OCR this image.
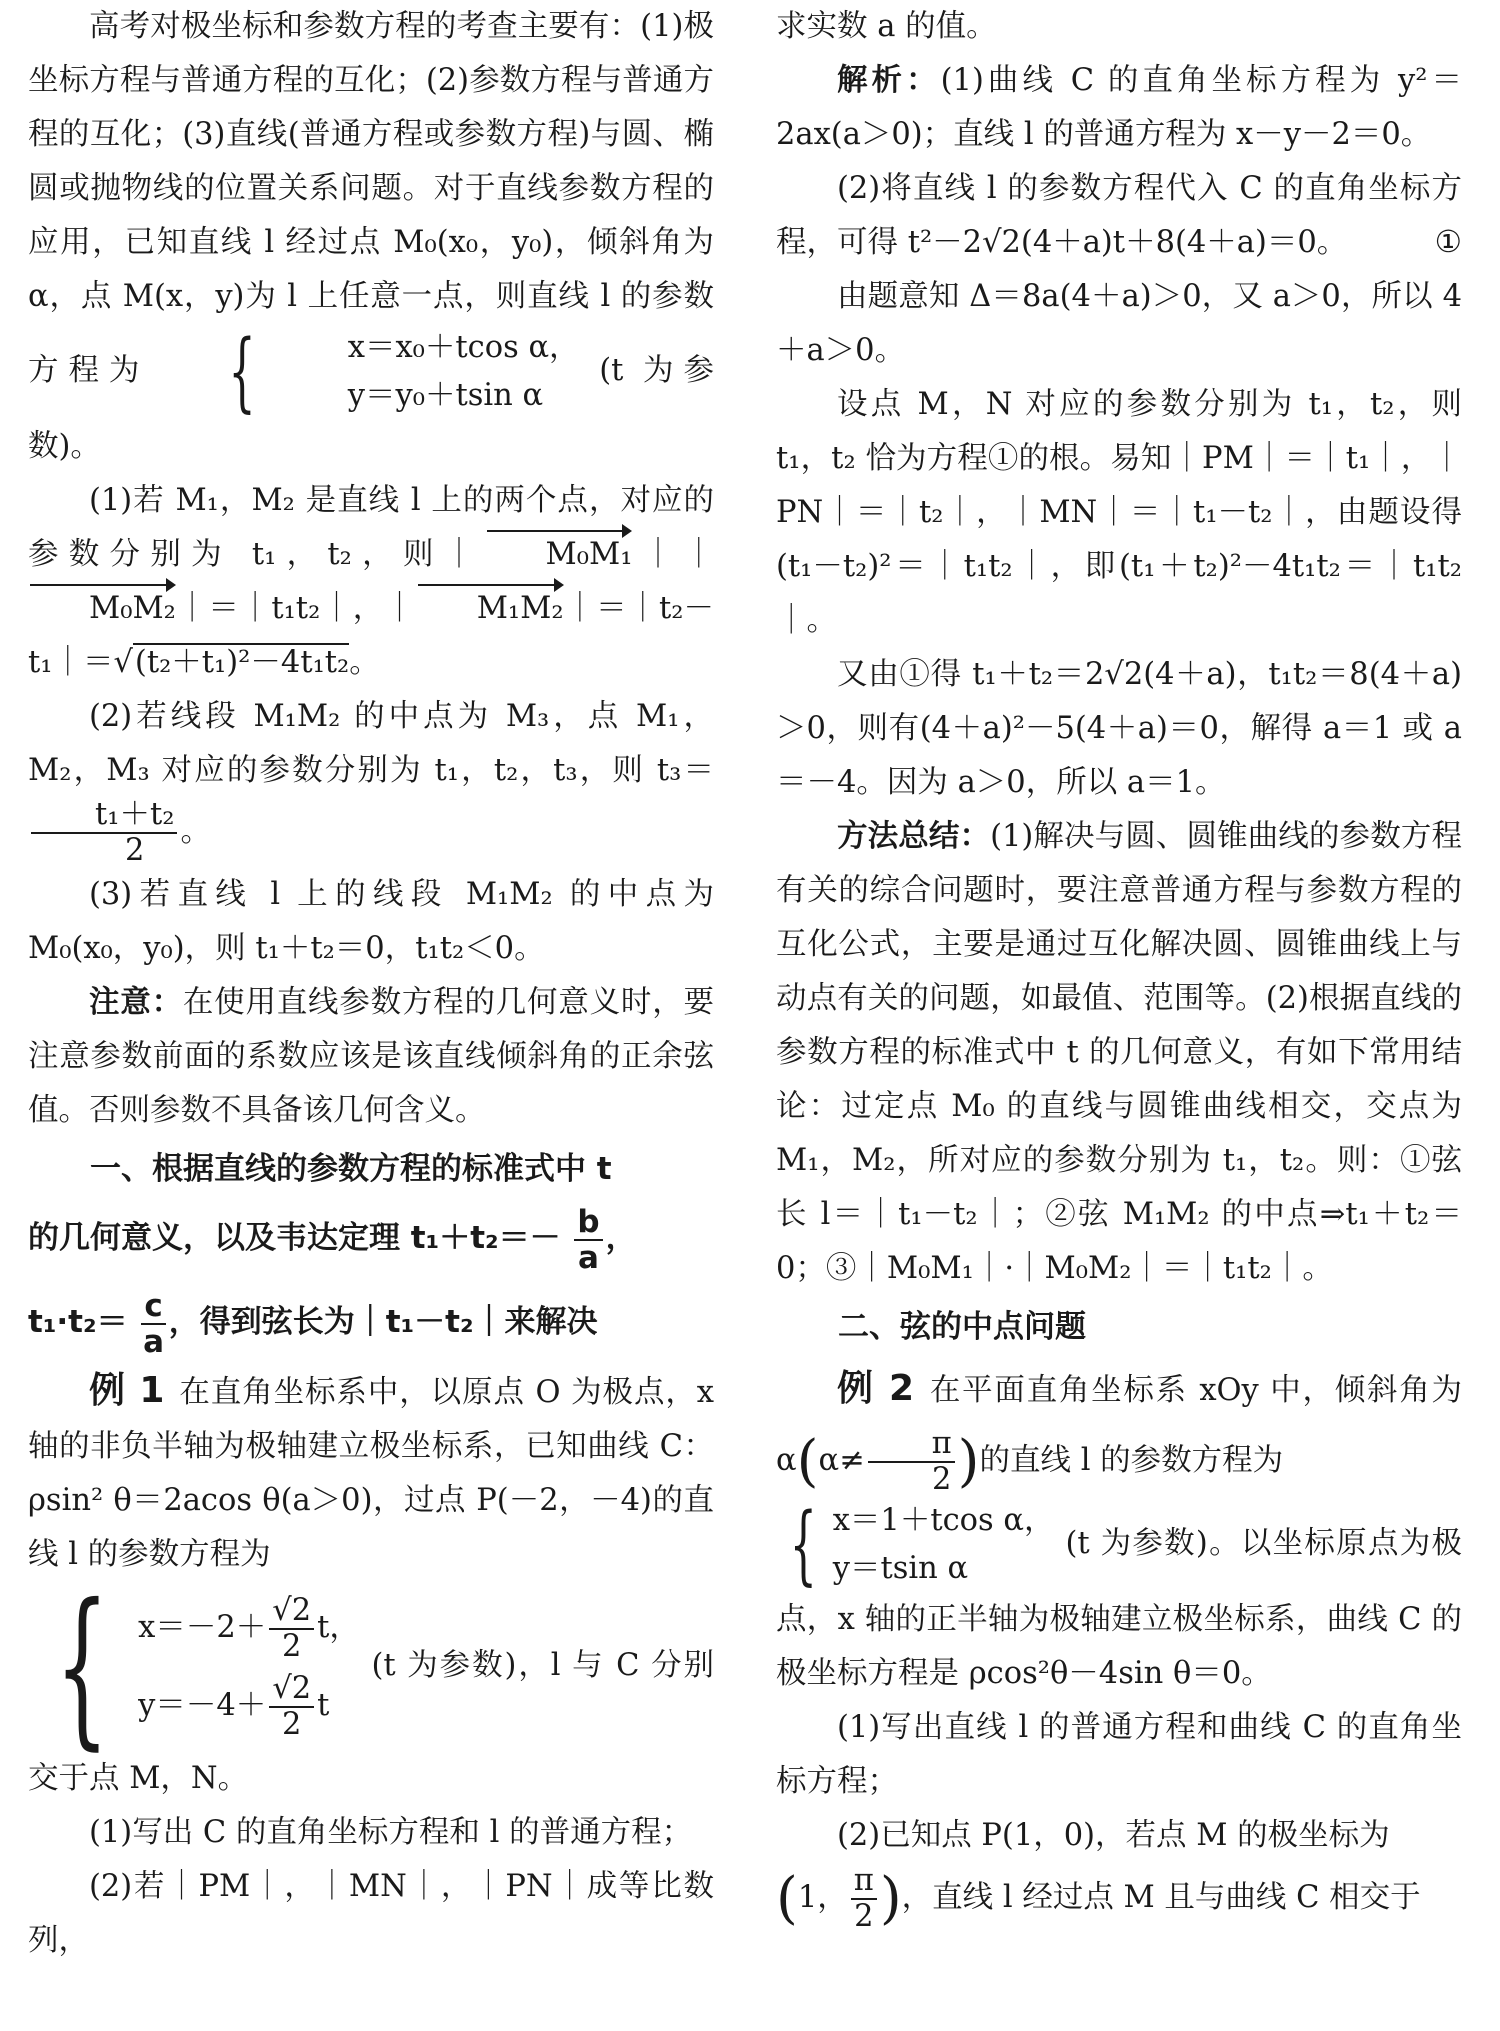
高考对极坐标和参数方程的考查主要有：(1)极坐标方程与普通方程的互化；(2)参数方程与普通方程的互化；(3)直线(普通方程或参数方程)与圆、椭圆或抛物线的位置关系问题。对于直线参数方程的应用，已知直线 l 经过点 M₀(x₀，y₀)，倾斜角为 α，点 M(x，y)为 l 上任意一点，则直线 l 的参数方程为 {	x＝x₀＋tcos α，
y＝y₀＋tsin α
(t 为参数)。

(1)若 M₁，M₂ 是直线 l 上的两个点，对应的参数分别为 t₁，t₂，则｜ M₀M₁｜｜M₀M₂｜＝｜t₁t₂｜，｜ M₁M₂｜＝｜t₂－t₁｜＝√(t₂＋t₁)²－4t₁t₂。

(2)若线段 M₁M₂ 的中点为 M₃，点 M₁，M₂，M₃ 对应的参数分别为 t₁，t₂，t₃，则 t₃＝
$\frac{\text{t₁＋t₂}}{2}$ 。

(3)若直线 l 上的线段 M₁M₂ 的中点为 M₀(x₀，y₀)，则 t₁＋t₂＝0，t₁t₂＜0。

注意：在使用直线参数方程的几何意义时，要注意参数前面的系数应该是该直线倾斜角的正余弦值。否则参数不具备该几何含义。

一、根据直线的参数方程的标准式中 t

的几何意义，以及韦达定理 $t_1+t_2=- \frac{b}{a}$ ，

$t_1\cdot t_2= \frac{c}{a}$ ，得到弦长为｜t₁－t₂｜来解决

例 1 在直角坐标系中，以原点 O 为极点，x 轴的非负半轴为极轴建立极坐标系，已知曲线 C：ρsin² θ＝2acos θ(a＞0)，过点 P(－2，－4)的直线 l 的参数方程为

{ $x=-2+ \frac{√2}{2}$ t，
$y=-4+ \frac{√2}{2}$ t
(t 为参数)，l 与 C 分别交于点 M，N。

(1)写出 C 的直角坐标方程和 l 的普通方程；

(2)若｜PM｜，｜MN｜，｜PN｜成等比数列，

求实数 a 的值。

解析：(1)曲线 C 的直角坐标方程为 y²＝2ax(a＞0)；直线 l 的普通方程为 x－y－2＝0。

(2)将直线 l 的参数方程代入 C 的直角坐标方程，可得 t²－2√2(4＋a)t＋8(4＋a)＝0。	①

由题意知 Δ＝8a(4＋a)＞0，又 a＞0，所以 4＋a＞0。

设点 M，N 对应的参数分别为 t₁，t₂，则 t₁，t₂ 恰为方程①的根。易知｜PM｜＝｜t₁｜，｜PN｜＝｜t₂｜，｜MN｜＝｜t₁－t₂｜，由题设得(t₁－t₂)²＝｜t₁t₂｜，即(t₁＋t₂)²－4t₁t₂＝｜t₁t₂｜。

又由①得 t₁＋t₂＝2√2(4＋a)，t₁t₂＝8(4＋a)＞0，则有(4＋a)²－5(4＋a)＝0，解得 a＝1 或 a＝－4。因为 a＞0，所以 a＝1。

方法总结：(1)解决与圆、圆锥曲线的参数方程有关的综合问题时，要注意普通方程与参数方程的互化公式，主要是通过互化解决圆、圆锥曲线上与动点有关的问题，如最值、范围等。(2)根据直线的参数方程的标准式中 t 的几何意义，有如下常用结论：过定点 M₀ 的直线与圆锥曲线相交，交点为 M₁，M₂，所对应的参数分别为 t₁，t₂。则：①弦长 l＝｜t₁－t₂｜；②弦 M₁M₂ 的中点⇒t₁＋t₂＝0；③｜M₀M₁｜·｜M₀M₂｜＝｜t₁t₂｜。

二、弦的中点问题

例 2 在平面直角坐标系 xOy 中，倾斜角为 $\alpha(\alpha\ne \frac{\pi}{2}$ )的直线 l 的参数方程为

{ x＝1＋tcos α，
y＝tsin α
(t 为参数)。以坐标原点为极点，x 轴的正半轴为极轴建立极坐标系，曲线 C 的极坐标方程是 ρcos²θ－4sin θ＝0。

(1)写出直线 l 的普通方程和曲线 C 的直角坐标方程；

(2)已知点 P(1，0)，若点 M 的极坐标为

(1， $\frac{\pi}{2}$ )，直线 l 经过点 M 且与曲线 C 相交于
